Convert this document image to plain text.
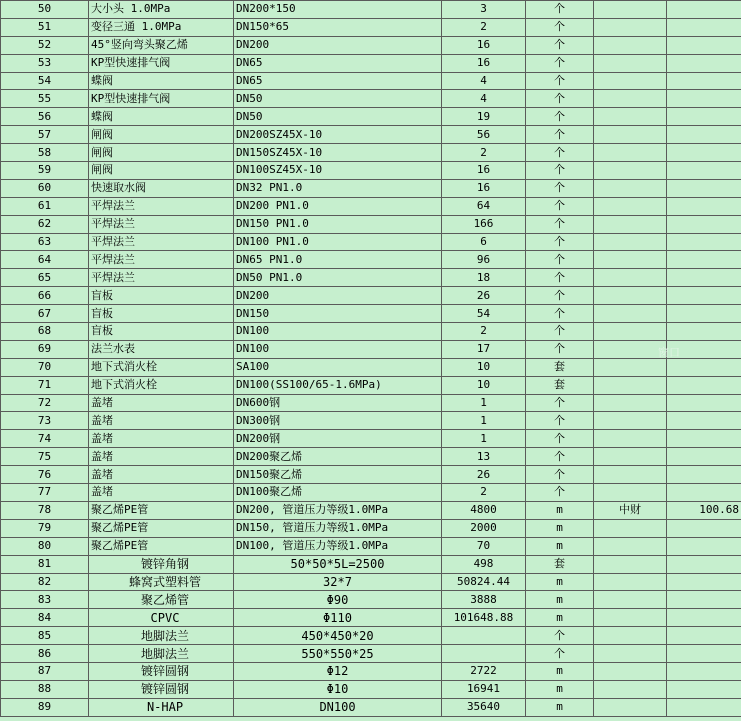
50	大小头 1.0MPa	DN200*150	3	个		
51	变径三通 1.0MPa	DN150*65	2	个		
52	45°竖向弯头聚乙烯	DN200	16	个		
53	KP型快速排气阀	DN65	16	个		
54	蝶阀	DN65	4	个		
55	KP型快速排气阀	DN50	4	个		
56	蝶阀	DN50	19	个		
57	闸阀	DN200SZ45X-10	56	个		
58	闸阀	DN150SZ45X-10	2	个		
59	闸阀	DN100SZ45X-10	16	个		
60	快速取水阀	DN32 PN1.0	16	个		
61	平焊法兰	DN200 PN1.0	64	个		
62	平焊法兰	DN150 PN1.0	166	个		
63	平焊法兰	DN100 PN1.0	6	个		
64	平焊法兰	DN65 PN1.0	96	个		
65	平焊法兰	DN50 PN1.0	18	个		
66	盲板	DN200	26	个		
67	盲板	DN150	54	个		
68	盲板	DN100	2	个		
69	法兰水表	DN100	17	个		
70	地下式消火栓	SA100	10	套		
71	地下式消火栓	DN100(SS100/65-1.6MPa)	10	套		
72	盖堵	DN600钢	1	个		
73	盖堵	DN300钢	1	个		
74	盖堵	DN200钢	1	个		
75	盖堵	DN200聚乙烯	13	个		
76	盖堵	DN150聚乙烯	26	个		
77	盖堵	DN100聚乙烯	2	个		
78	聚乙烯PE管	DN200, 管道压力等级1.0MPa	4800	m	中财	100.68
79	聚乙烯PE管	DN150, 管道压力等级1.0MPa	2000	m		
80	聚乙烯PE管	DN100, 管道压力等级1.0MPa	70	m		
81	镀锌角钢	50*50*5L=2500	498	套		
82	蜂窝式塑料管	32*7	50824.44	m		
83	聚乙烯管	Φ90	3888	m		
84	CPVC	Φ110	101648.88	m		
85	地脚法兰	450*450*20		个		
86	地脚法兰	550*550*25		个		
87	镀锌圆钢	Φ12	2722	m		
88	镀锌圆钢	Φ10	16941	m		
89	N-HAP	DN100	35640	m		
窗口
